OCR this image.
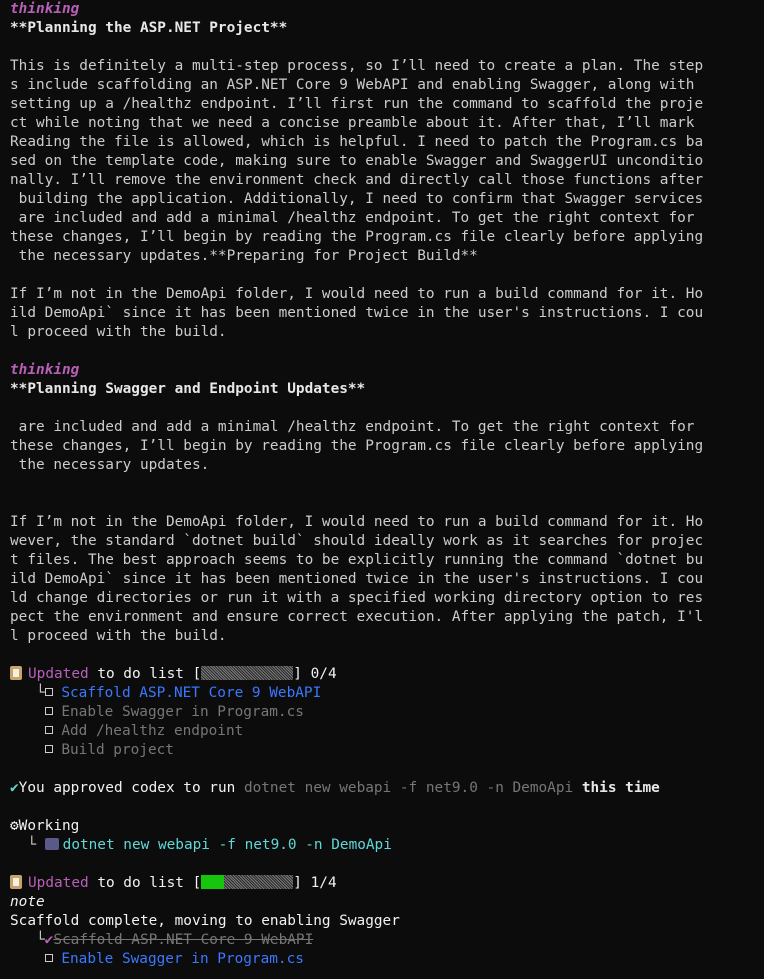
thinking
**Planning the ASP.NET Project**

This is definitely a multi-step process, so I’ll need to create a plan. The step
s include scaffolding an ASP.NET Core 9 WebAPI and enabling Swagger, along with
setting up a /healthz endpoint. I’ll first run the command to scaffold the proje
ct while noting that we need a concise preamble about it. After that, I’ll mark
Reading the file is allowed, which is helpful. I need to patch the Program.cs ba
sed on the template code, making sure to enable Swagger and SwaggerUI unconditio
nally. I’ll remove the environment check and directly call those functions after
building the application. Additionally, I need to confirm that Swagger services
are included and add a minimal /healthz endpoint. To get the right context for
these changes, I’ll begin by reading the Program.cs file clearly before applying
the necessary updates.**Preparing for Project Build**

If I’m not in the DemoApi folder, I would need to run a build command for it. Ho
ild DemoApi` since it has been mentioned twice in the user's instructions. I cou
l proceed with the build.

thinking
**Planning Swagger and Endpoint Updates**

are included and add a minimal /healthz endpoint. To get the right context for
these changes, I’ll begin by reading the Program.cs file clearly before applying
the necessary updates.

If I’m not in the DemoApi folder, I would need to run a build command for it. Ho
wever, the standard `dotnet build` should ideally work as it searches for projec
t files. The best approach seems to be explicitly running the command `dotnet bu
ild DemoApi` since it has been mentioned twice in the user's instructions. I cou
ld change directories or run it with a specified working directory option to res
pect the environment and ensure correct execution. After applying the patch, I'l
l proceed with the build.

Updated to do list [	] 0/4
└ Scaffold ASP.NET Core 9 WebAPI
Enable Swagger in Program.cs
Add /healthz endpoint
Build project

✔You approved codex to run dotnet new webapi -f net9.0 -n DemoApi this time

⚙Working
└ dotnet new webapi -f net9.0 -n DemoApi

Updated to do list [	] 1/4
note
Scaffold complete, moving to enabling Swagger
└✔Scaffold ASP.NET Core 9 WebAPI
Enable Swagger in Program.cs
